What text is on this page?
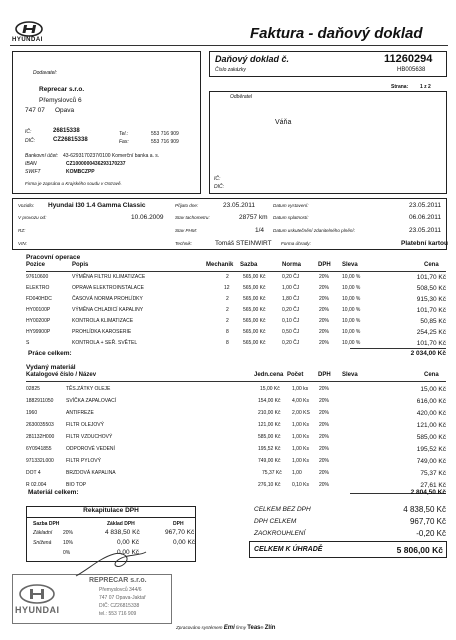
HYUNDAI	Faktura - daňový doklad
Dodavatel:
Reprecar s.r.o.
Přemyslovců 6
747 07 Opava
IČ:	26815338
DIČ:	CZ26815338
Tel.:	553 716 909
Fax:	553 716 909
Bankovní účet: 43-6293170237/0100 Komerční banka a. s.
IBAN	CZ1000000436293170237
SWIFT	KOMBCZPP
Firma je zapsána u Krajského soudu v Ostravě.
Daňový doklad č.	11260294
Číslo zakázky	HB005638
Strana: 1 z 2
Odběratel
Váňa
IČ:
DIČ:
Vozidlo: Hyundai I30 1.4 Gamma Classic	Přijato dne:	23.05.2011	Datum vystavení:	23.05.2011
V provozu od:	10.06.2009 Stav tachometru:	28757 km Datum splatnosti:	06.06.2011
RZ:	Stav PHM:	1/4 Datum uskutečnění zdanitelného plnění:	23.05.2011
VIN:	Technik:	Tomáš STEINWIRT Forma úhrady:	Platební kartou
Pracovní operace
Pozice	Popis	Mechanik Sazba	Norma	DPH Sleva	Cena
97610600	VÝMĚNA FILTRU KLIMATIZACE	2	565,00 Kč	0,20 ČJ	20%	10,00 %	101,70 Kč
ELEKTRO	OPRAVA ELEKTROINSTALACE	12	565,00 Kč	1,00 ČJ	20%	10,00 %	508,50 Kč
FD040HDC	ČASOVÁ NORMA PROHLÍDKY	2	565,00 Kč	1,80 ČJ	20%	10,00 %	915,30 Kč
HY00100P	VÝMĚNA CHLADICÍ KAPALINY	2	565,00 Kč	0,20 ČJ	20%	10,00 %	101,70 Kč
HY00200P	KONTROLA KLIMATIZACE	2	565,00 Kč	0,10 ČJ	20%	10,00 %	50,85 Kč
HY99900P	PROHLÍDKA KAROSERIE	8	565,00 Kč	0,50 ČJ	20%	10,00 %	254,25 Kč
S	KONTROLA + SEŘ. SVĚTEL	8	565,00 Kč	0,20 ČJ	20%	10,00 %	101,70 Kč
Práce celkem:	2 034,00 Kč
Vydaný materiál
Katalogové číslo / Název	Jedn.cena Počet DPH Sleva	Cena
02825	TĚS.ZÁTKY OLEJE	15,00 Kč 1,00 ks 20%	15,00 Kč
1882911050	SVÍČKA ZAPALOVACÍ	154,00 Kč 4,00 Ks 20%	616,00 Kč
1960	ANTIFREZE	210,00 Kč 2,00 KS 20%	420,00 Kč
2630035503 FILTR OLEJOVÝ	121,00 Kč 1,00 Ks 20%	121,00 Kč
281132H000 FILTR VZDUCHOVÝ	585,00 Kč 1,00 Ks 20%	585,00 Kč
6Y0941855	ODPOROVÉ VEDENÍ	195,52 Kč 1,00 Ks 20%	195,52 Kč
971332L000 FILTR PYLOVÝ	749,00 Kč 1,00 Ks 20%	749,00 Kč
DOT 4	BRZDOVÁ KAPALINA	75,37 Kč 1,00	20%	75,37 Kč
R 02.004	BIO TOP	276,10 Kč 0,10 Ks 20%	27,61 Kč
Materiál celkem:	2 804,50 Kč
Rekapitulace DPH
Sazba DPH	Základ DPH	DPH
Základní 20%	4 838,50 Kč	967,70 Kč
Snížená 10%	0,00 Kč	0,00 Kč
0%	0,00 Kč
CELKEM BEZ DPH	4 838,50 Kč
DPH CELKEM	967,70 Kč
ZAOKROUHLENÍ	-0,20 Kč
CELKEM K ÚHRADĚ	5 806,00 Kč
HYUNDAI
REPRECAR s.r.o.
Přemyslovců 344/6
747 07 Opava-Jaktař
DIČ: CZ26815338
tel.: 553 716 909
Zpracováno systémem Emi firmy Teas® Zlín
